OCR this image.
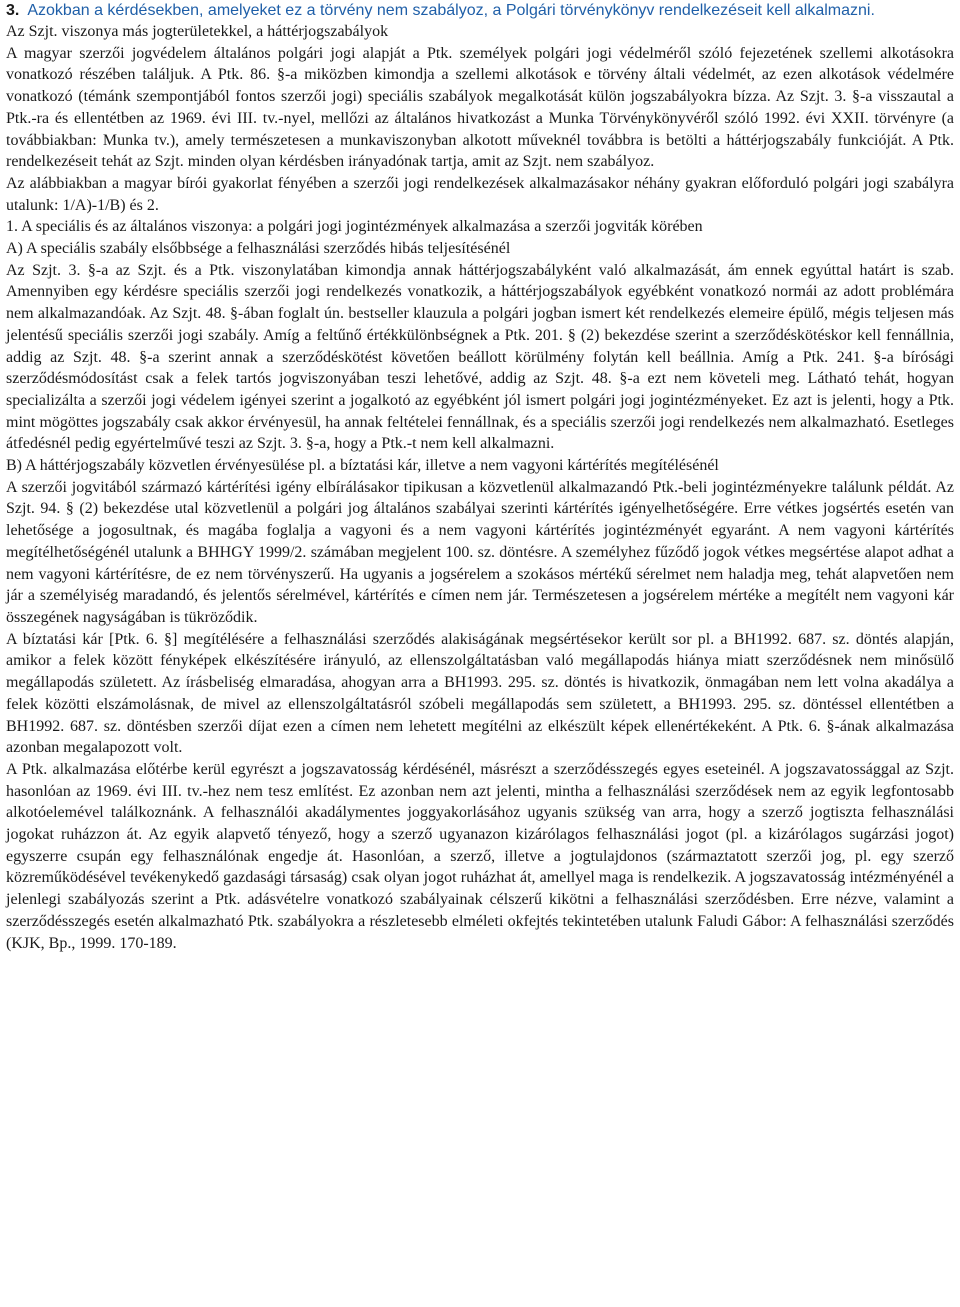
3. Azokban a kérdésekben, amelyeket ez a törvény nem szabályoz, a Polgári törvénykönyv rendelkezéseit kell alkalmazni.

Az Szjt. viszonya más jogterületekkel, a háttérjogszabályok

A magyar szerzői jogvédelem általános polgári jogi alapját a Ptk. személyek polgári jogi védelméről szóló fejezetének szellemi alkotásokra vonatkozó részében találjuk. A Ptk. 86. §-a miközben kimondja a szellemi alkotások e törvény általi védelmét, az ezen alkotások védelmére vonatkozó (témánk szempontjából fontos szerzői jogi) speciális szabályok megalkotását külön jogszabályokra bízza. Az Szjt. 3. §-a visszautal a Ptk.-ra és ellentétben az 1969. évi III. tv.-nyel, mellőzi az általános hivatkozást a Munka Törvénykönyvéről szóló 1992. évi XXII. törvényre (a továbbiakban: Munka tv.), amely természetesen a munkaviszonyban alkotott műveknél továbbra is betölti a háttérjogszabály funkcióját. A Ptk. rendelkezéseit tehát az Szjt. minden olyan kérdésben irányadónak tartja, amit az Szjt. nem szabályoz.

Az alábbiakban a magyar bírói gyakorlat fényében a szerzői jogi rendelkezések alkalmazásakor néhány gyakran előforduló polgári jogi szabályra utalunk: 1/A)-1/B) és 2.

1. A speciális és az általános viszonya: a polgári jogi jogintézmények alkalmazása a szerzői jogviták körében

A) A speciális szabály elsőbbsége a felhasználási szerződés hibás teljesítésénél

Az Szjt. 3. §-a az Szjt. és a Ptk. viszonylatában kimondja annak háttérjogszabályként való alkalmazását, ám ennek egyúttal határt is szab. Amennyiben egy kérdésre speciális szerzői jogi rendelkezés vonatkozik, a háttérjogszabályok egyébként vonatkozó normái az adott problémára nem alkalmazandóak. Az Szjt. 48. §-ában foglalt ún. bestseller klauzula a polgári jogban ismert két rendelkezés elemeire épülő, mégis teljesen más jelentésű speciális szerzői jogi szabály. Amíg a feltűnő értékkülönbségnek a Ptk. 201. § (2) bekezdése szerint a szerződéskötéskor kell fennállnia, addig az Szjt. 48. §-a szerint annak a szerződéskötést követően beállott körülmény folytán kell beállnia. Amíg a Ptk. 241. §-a bírósági szerződésmódosítást csak a felek tartós jogviszonyában teszi lehetővé, addig az Szjt. 48. §-a ezt nem követeli meg. Látható tehát, hogyan specializálta a szerzői jogi védelem igényei szerint a jogalkotó az egyébként jól ismert polgári jogi jogintézményeket. Ez azt is jelenti, hogy a Ptk. mint mögöttes jogszabály csak akkor érvényesül, ha annak feltételei fennállnak, és a speciális szerzői jogi rendelkezés nem alkalmazható. Esetleges átfedésnél pedig egyértelművé teszi az Szjt. 3. §-a, hogy a Ptk.-t nem kell alkalmazni.

B) A háttérjogszabály közvetlen érvényesülése pl. a bíztatási kár, illetve a nem vagyoni kártérítés megítélésénél

A szerzői jogvitából származó kártérítési igény elbírálásakor tipikusan a közvetlenül alkalmazandó Ptk.-beli jogintézményekre találunk példát. Az Szjt. 94. § (2) bekezdése utal közvetlenül a polgári jog általános szabályai szerinti kártérítés igényelhetőségére. Erre vétkes jogsértés esetén van lehetősége a jogosultnak, és magába foglalja a vagyoni és a nem vagyoni kártérítés jogintézményét egyaránt. A nem vagyoni kártérítés megítélhetőségénél utalunk a BHHGY 1999/2. számában megjelent 100. sz. döntésre. A személyhez fűződő jogok vétkes megsértése alapot adhat a nem vagyoni kártérítésre, de ez nem törvényszerű. Ha ugyanis a jogsérelem a szokásos mértékű sérelmet nem haladja meg, tehát alapvetően nem jár a személyiség maradandó, és jelentős sérelmével, kártérítés e címen nem jár. Természetesen a jogsérelem mértéke a megítélt nem vagyoni kár összegének nagyságában is tükröződik.

A bíztatási kár [Ptk. 6. §] megítélésére a felhasználási szerződés alakiságának megsértésekor került sor pl. a BH1992. 687. sz. döntés alapján, amikor a felek között fényképek elkészítésére irányuló, az ellenszolgáltatásban való megállapodás hiánya miatt szerződésnek nem minősülő megállapodás született. Az írásbeliség elmaradása, ahogyan arra a BH1993. 295. sz. döntés is hivatkozik, önmagában nem lett volna akadálya a felek közötti elszámolásnak, de mivel az ellenszolgáltatásról szóbeli megállapodás sem született, a BH1993. 295. sz. döntéssel ellentétben a BH1992. 687. sz. döntésben szerzői díjat ezen a címen nem lehetett megítélni az elkészült képek ellenértékeként. A Ptk. 6. §-ának alkalmazása azonban megalapozott volt.

A Ptk. alkalmazása előtérbe kerül egyrészt a jogszavatosság kérdésénél, másrészt a szerződésszegés egyes eseteinél. A jogszavatossággal az Szjt. hasonlóan az 1969. évi III. tv.-hez nem tesz említést. Ez azonban nem azt jelenti, mintha a felhasználási szerződések nem az egyik legfontosabb alkotóelemével találkoznánk. A felhasználói akadálymentes joggyakorlásához ugyanis szükség van arra, hogy a szerző jogtiszta felhasználási jogokat ruházzon át. Az egyik alapvető tényező, hogy a szerző ugyanazon kizárólagos felhasználási jogot (pl. a kizárólagos sugárzási jogot) egyszerre csupán egy felhasználónak engedje át. Hasonlóan, a szerző, illetve a jogtulajdonos (származtatott szerzői jog, pl. egy szerző közreműködésével tevékenykedő gazdasági társaság) csak olyan jogot ruházhat át, amellyel maga is rendelkezik. A jogszavatosság intézményénél a jelenlegi szabályozás szerint a Ptk. adásvételre vonatkozó szabályainak célszerű kikötni a felhasználási szerződésben. Erre nézve, valamint a szerződésszegés esetén alkalmazható Ptk. szabályokra a részletesebb elméleti okfejtés tekintetében utalunk Faludi Gábor: A felhasználási szerződés (KJK, Bp., 1999. 170-189.
